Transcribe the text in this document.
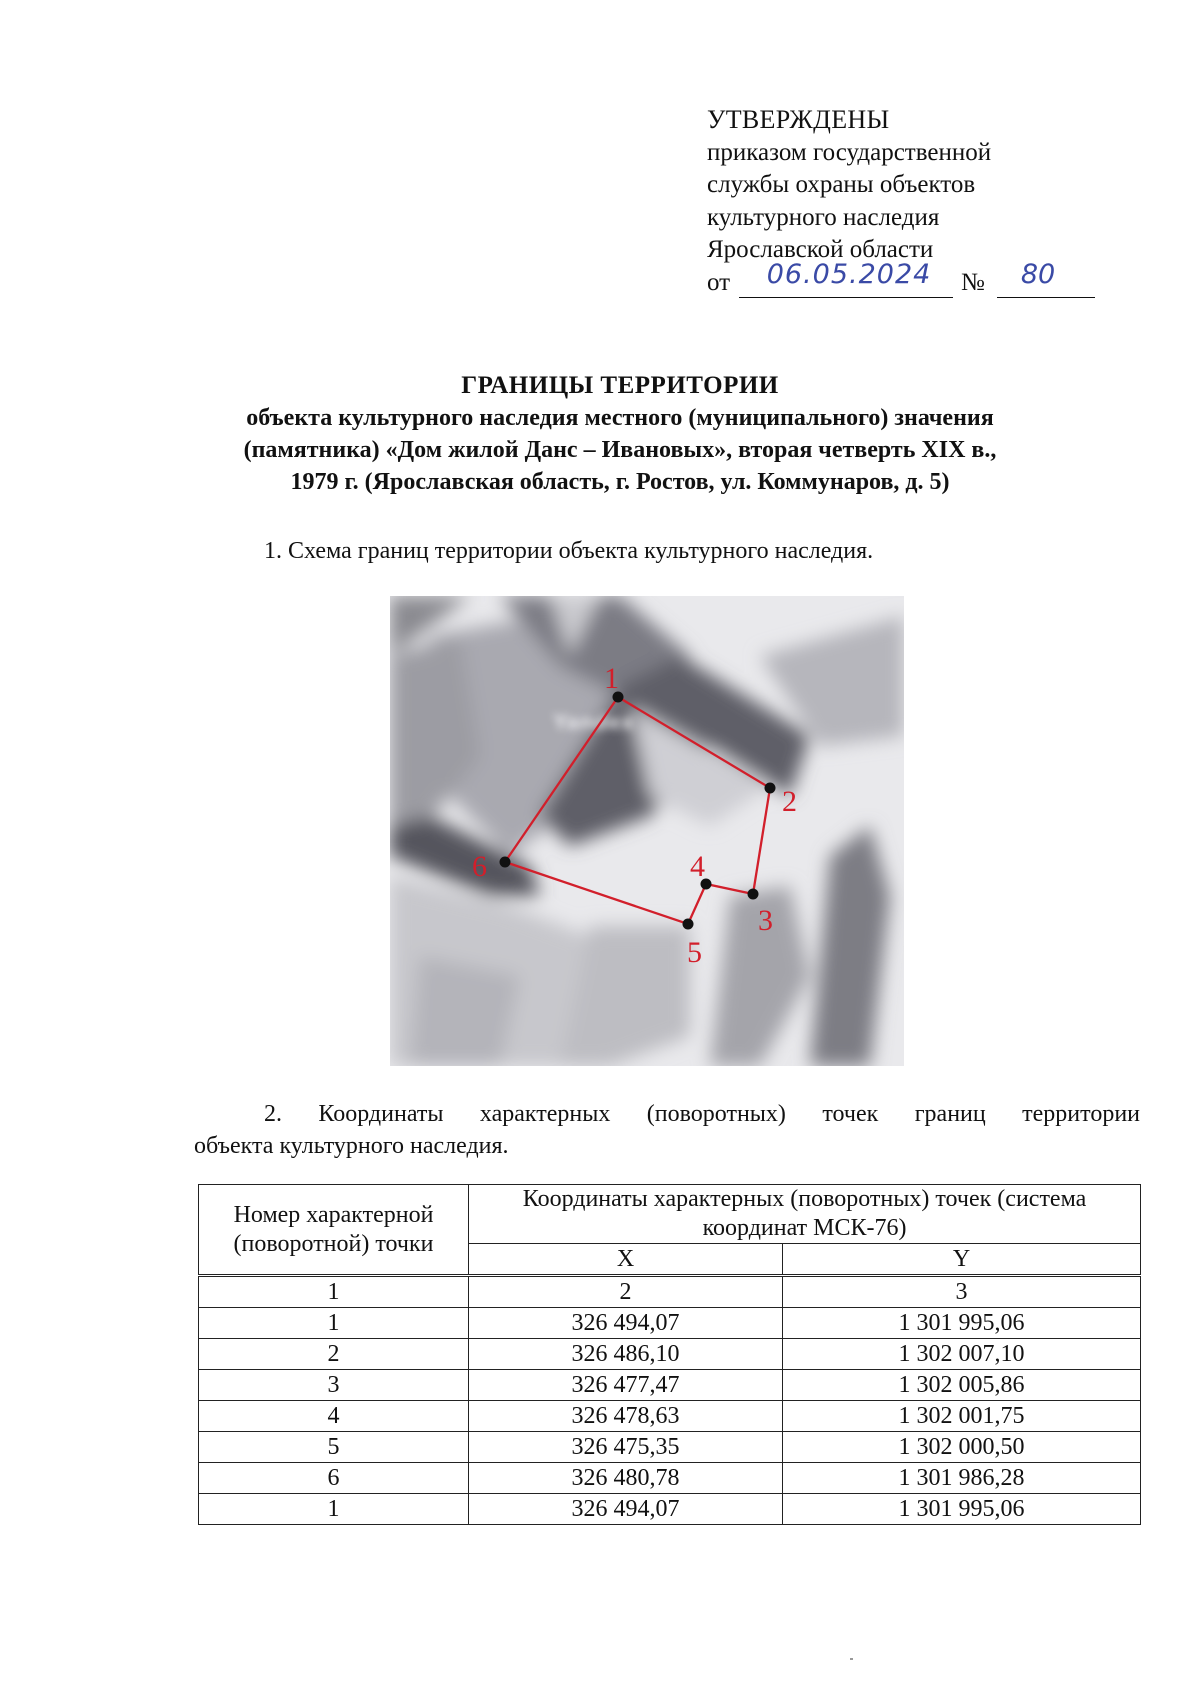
УТВЕРЖДЕНЫ
приказом государственной
службы охраны объектов
культурного наследия
Ярославской области
от	06.05.2024	№	80
ГРАНИЦЫ ТЕРРИТОРИИ
объекта культурного наследия местного (муниципального) значения
(памятника) «Дом жилой Данс – Ивановых», вторая четверть XIX в.,
1979 г. (Ярославская область, г. Ростов, ул. Коммунаров, д. 5)
1. Схема границ территории объекта культурного наследия.
Yandex
1
2
3
4
5
6
2. Координаты характерных (поворотных) точек границ территории
объекта культурного наследия.
Номер характерной (поворотной) точки	Координаты характерных (поворотных) точек (система координат МСК-76)	
	X	Y
1	2	3
1	326 494,07	1 301 995,06
2	326 486,10	1 302 007,10
3	326 477,47	1 302 005,86
4	326 478,63	1 302 001,75
5	326 475,35	1 302 000,50
6	326 480,78	1 301 986,28
1	326 494,07	1 301 995,06
